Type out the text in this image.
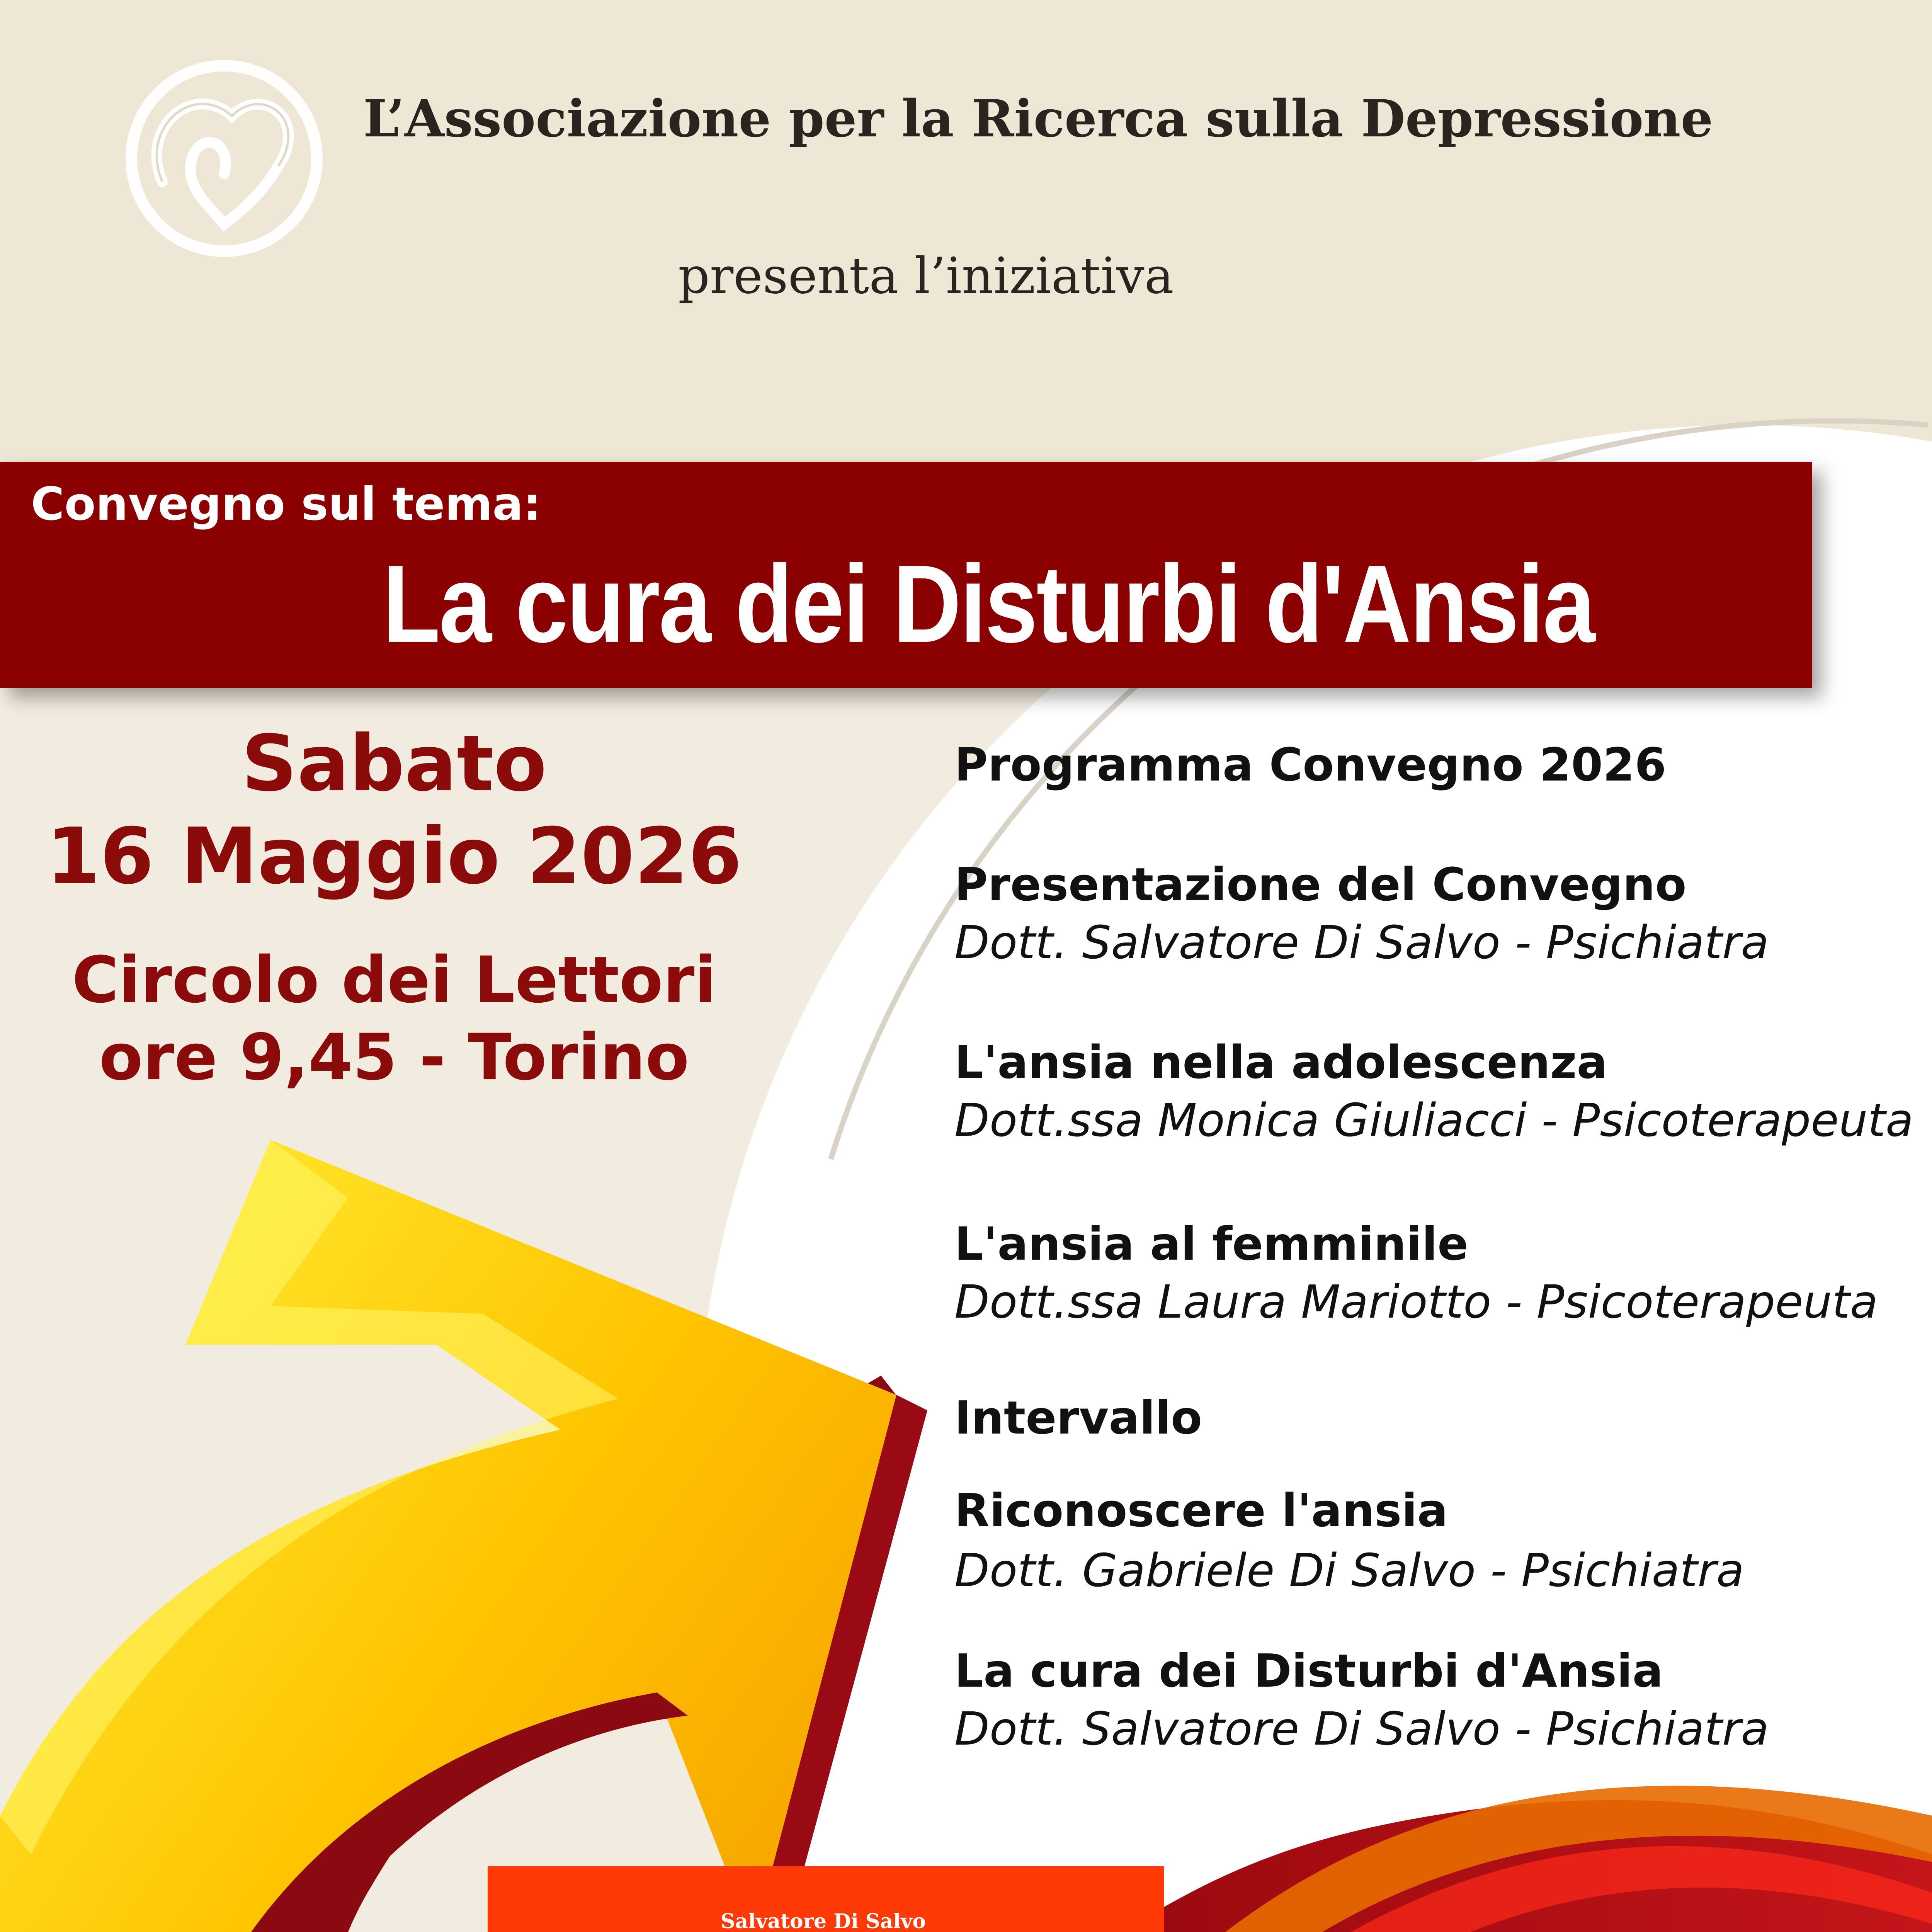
L’Associazione per la Ricerca sulla Depressione
presenta l’iniziativa
Convegno sul tema:
La cura dei Disturbi d'Ansia
Sabato
16 Maggio 2026
Circolo dei Lettori
ore 9,45 - Torino
Programma Convegno 2026
Presentazione del Convegno
Dott. Salvatore Di Salvo - Psichiatra
L'ansia nella adolescenza
Dott.ssa Monica Giuliacci - Psicoterapeuta
L'ansia al femminile
Dott.ssa Laura Mariotto - Psicoterapeuta
Intervallo
Riconoscere l'ansia
Dott. Gabriele Di Salvo - Psichiatra
La cura dei Disturbi d'Ansia
Dott. Salvatore Di Salvo - Psichiatra
Salvatore Di Salvo
